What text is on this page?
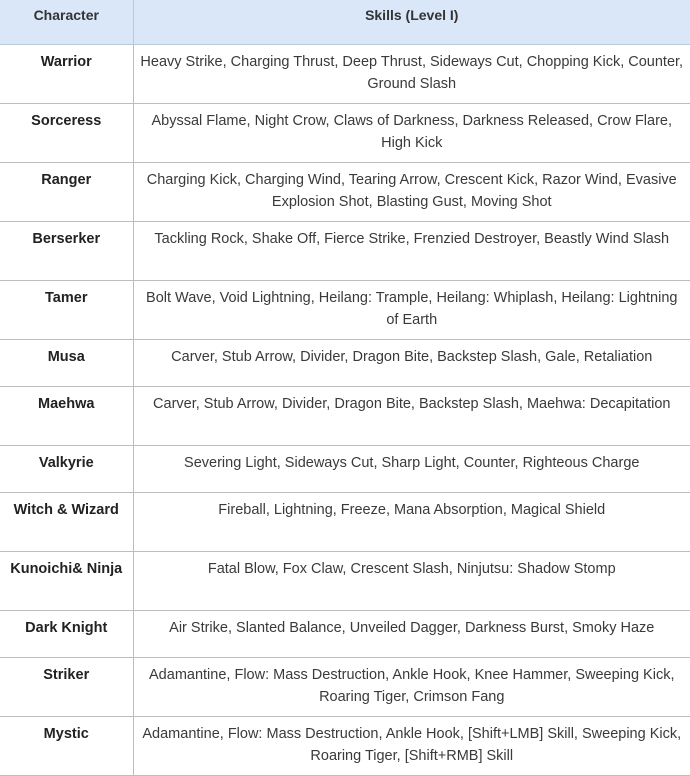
Character	Skills (Level I)
Warrior	Heavy Strike, Charging Thrust, Deep Thrust, Sideways Cut, Chopping Kick, Counter, Ground Slash
Sorceress	Abyssal Flame, Night Crow, Claws of Darkness, Darkness Released, Crow Flare, High Kick
Ranger	Charging Kick, Charging Wind, Tearing Arrow, Crescent Kick, Razor Wind, Evasive Explosion Shot, Blasting Gust, Moving Shot
Berserker	Tackling Rock, Shake Off, Fierce Strike, Frenzied Destroyer, Beastly Wind Slash
Tamer	Bolt Wave, Void Lightning, Heilang: Trample, Heilang: Whiplash, Heilang: Lightning of Earth
Musa	Carver, Stub Arrow, Divider, Dragon Bite, Backstep Slash, Gale, Retaliation
Maehwa	Carver, Stub Arrow, Divider, Dragon Bite, Backstep Slash, Maehwa: Decapitation
Valkyrie	Severing Light, Sideways Cut, Sharp Light, Counter, Righteous Charge
Witch & Wizard	Fireball, Lightning, Freeze, Mana Absorption, Magical Shield
Kunoichi& Ninja	Fatal Blow, Fox Claw, Crescent Slash, Ninjutsu: Shadow Stomp
Dark Knight	Air Strike, Slanted Balance, Unveiled Dagger, Darkness Burst, Smoky Haze
Striker	Adamantine, Flow: Mass Destruction, Ankle Hook, Knee Hammer, Sweeping Kick, Roaring Tiger, Crimson Fang
Mystic	Adamantine, Flow: Mass Destruction, Ankle Hook, [Shift+LMB] Skill, Sweeping Kick, Roaring Tiger, [Shift+RMB] Skill
